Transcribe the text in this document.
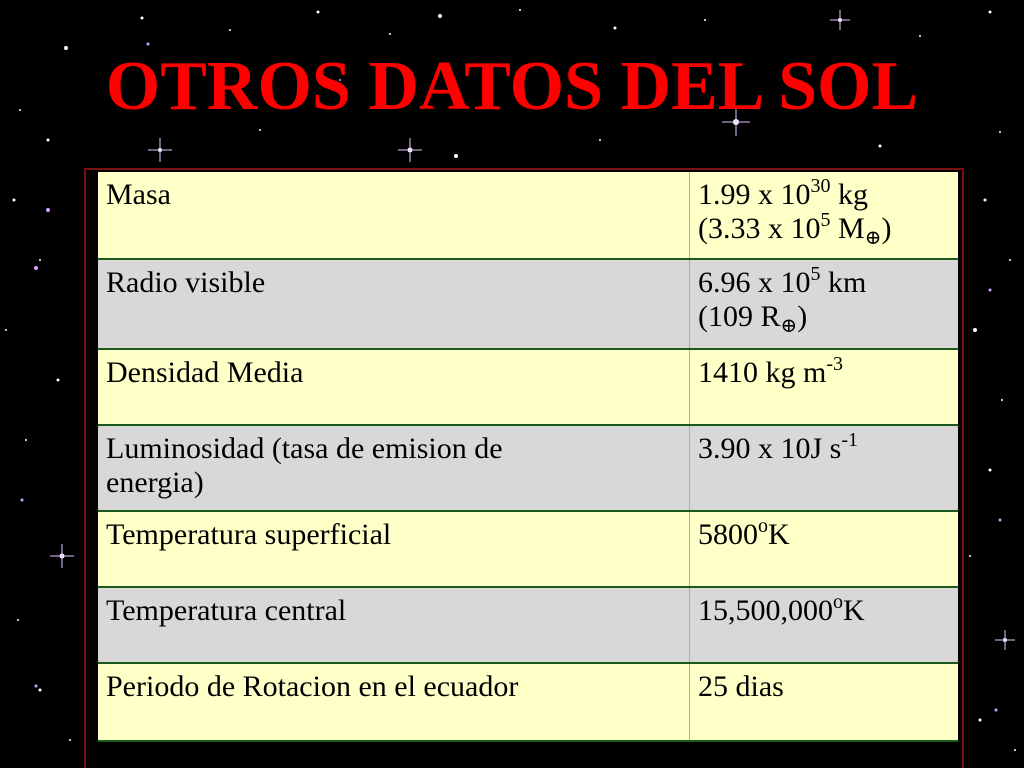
OTROS DATOS DEL SOL
Masa	1.99 x $10^{30}$ kg
(3.33 x $10^5$ $M_\oplus$)
Radio visible	6.96 x $10^5$ km
(109 $R_\oplus$)
Densidad Media	1410 kg $m^{-3}$
Luminosidad (tasa de emision de
energia)	3.90 x 10J $s^{-1}$
Temperatura superficial	5800$^o$K
Temperatura central	15,500,000$^o$K
Periodo de Rotacion en el ecuador	25 dias
